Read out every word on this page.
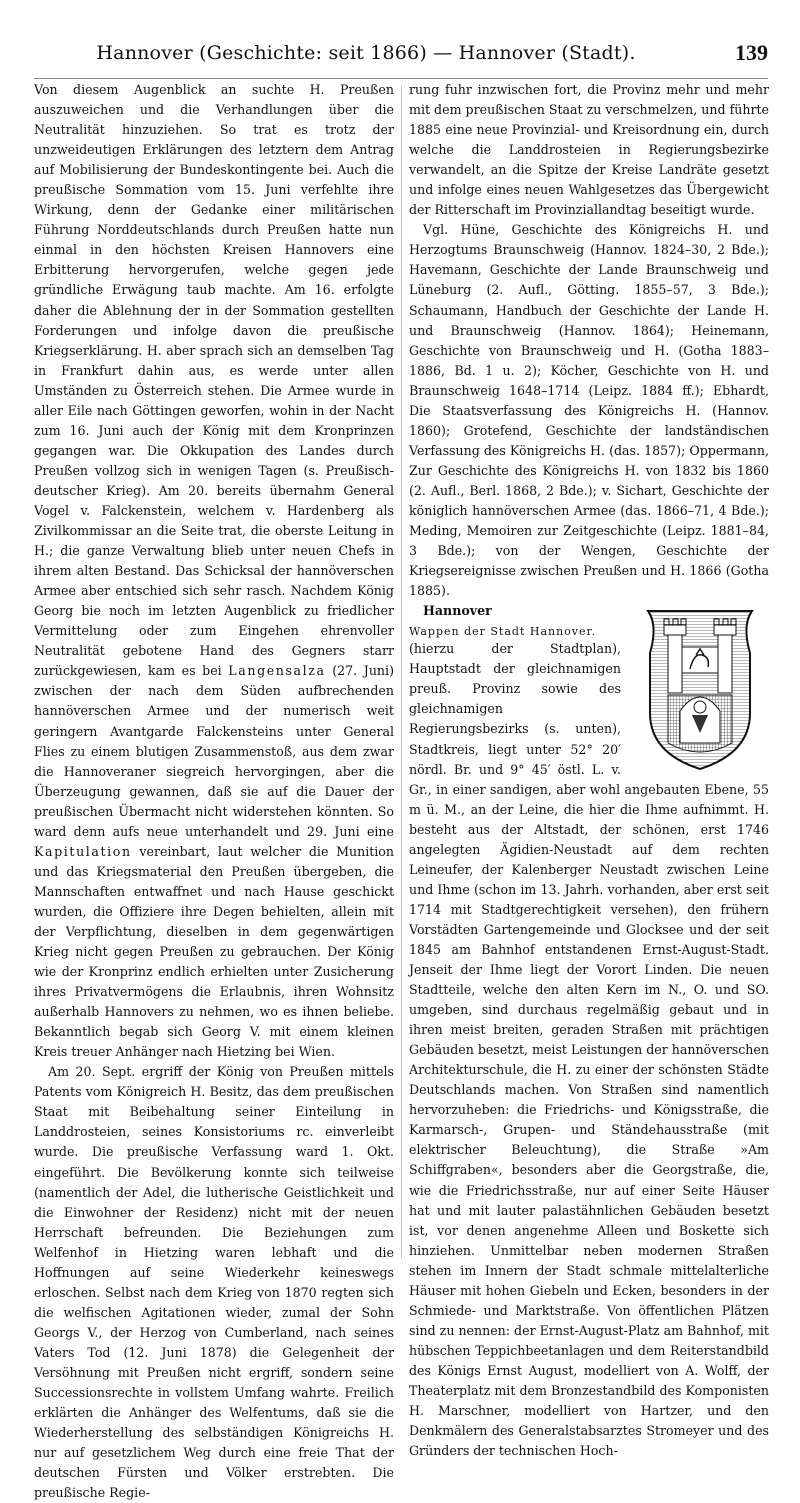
Hannover (Geschichte: seit 1866) — Hannover (Stadt).	139

Von diesem Augenblick an suchte H. Preußen auszuweichen und die Verhandlungen über die Neutralität hinzuziehen. So trat es trotz der unzweideutigen Erklärungen des letztern dem Antrag auf Mobilisierung der Bundeskontingente bei. Auch die preußische Sommation vom 15. Juni verfehlte ihre Wirkung, denn der Gedanke einer militärischen Führung Norddeutschlands durch Preußen hatte nun einmal in den höchsten Kreisen Hannovers eine Erbitterung hervorgerufen, welche gegen jede gründliche Erwägung taub machte. Am 16. erfolgte daher die Ablehnung der in der Sommation gestellten Forderungen und infolge davon die preußische Kriegserklärung. H. aber sprach sich an demselben Tag in Frankfurt dahin aus, es werde unter allen Umständen zu Österreich stehen. Die Armee wurde in aller Eile nach Göttingen geworfen, wohin in der Nacht zum 16. Juni auch der König mit dem Kronprinzen gegangen war. Die Okkupation des Landes durch Preußen vollzog sich in wenigen Tagen (s. Preußisch-deutscher Krieg). Am 20. bereits übernahm General Vogel v. Falckenstein, welchem v. Hardenberg als Zivilkommissar an die Seite trat, die oberste Leitung in H.; die ganze Verwaltung blieb unter neuen Chefs in ihrem alten Bestand. Das Schicksal der hannöverschen Armee aber entschied sich sehr rasch. Nachdem König Georg bie noch im letzten Augenblick zu friedlicher Vermittelung oder zum Eingehen ehrenvoller Neutralität gebotene Hand des Gegners starr zurückgewiesen, kam es bei Langensalza (27. Juni) zwischen der nach dem Süden aufbrechenden hannöverschen Armee und der numerisch weit geringern Avantgarde Falckensteins unter General Flies zu einem blutigen Zusammenstoß, aus dem zwar die Hannoveraner siegreich hervorgingen, aber die Überzeugung gewannen, daß sie auf die Dauer der preußischen Übermacht nicht widerstehen könnten. So ward denn aufs neue unterhandelt und 29. Juni eine Kapitulation vereinbart, laut welcher die Munition und das Kriegsmaterial den Preußen übergeben, die Mannschaften entwaffnet und nach Hause geschickt wurden, die Offiziere ihre Degen behielten, allein mit der Verpflichtung, dieselben in dem gegenwärtigen Krieg nicht gegen Preußen zu gebrauchen. Der König wie der Kronprinz endlich erhielten unter Zusicherung ihres Privatvermögens die Erlaubnis, ihren Wohnsitz außerhalb Hannovers zu nehmen, wo es ihnen beliebe. Bekanntlich begab sich Georg V. mit einem kleinen Kreis treuer Anhänger nach Hietzing bei Wien.

Am 20. Sept. ergriff der König von Preußen mittels Patents vom Königreich H. Besitz, das dem preußischen Staat mit Beibehaltung seiner Einteilung in Landdrosteien, seines Konsistoriums rc. einverleibt wurde. Die preußische Verfassung ward 1. Okt. eingeführt. Die Bevölkerung konnte sich teilweise (namentlich der Adel, die lutherische Geistlichkeit und die Einwohner der Residenz) nicht mit der neuen Herrschaft befreunden. Die Beziehungen zum Welfenhof in Hietzing waren lebhaft und die Hoffnungen auf seine Wiederkehr keineswegs erloschen. Selbst nach dem Krieg von 1870 regten sich die welfischen Agitationen wieder, zumal der Sohn Georgs V., der Herzog von Cumberland, nach seines Vaters Tod (12. Juni 1878) die Gelegenheit der Versöhnung mit Preußen nicht ergriff, sondern seine Successionsrechte in vollstem Umfang wahrte. Freilich erklärten die Anhänger des Welfentums, daß sie die Wiederherstellung des selbständigen Königreichs H. nur auf gesetzlichem Weg durch eine freie That der deutschen Fürsten und Völker erstrebten. Die preußische Regie-

rung fuhr inzwischen fort, die Provinz mehr und mehr mit dem preußischen Staat zu verschmelzen, und führte 1885 eine neue Provinzial- und Kreisordnung ein, durch welche die Landdrosteien in Regierungsbezirke verwandelt, an die Spitze der Kreise Landräte gesetzt und infolge eines neuen Wahlgesetzes das Übergewicht der Ritterschaft im Provinziallandtag beseitigt wurde.

Vgl. Hüne, Geschichte des Königreichs H. und Herzogtums Braunschweig (Hannov. 1824–30, 2 Bde.); Havemann, Geschichte der Lande Braunschweig und Lüneburg (2. Aufl., Götting. 1855–57, 3 Bde.); Schaumann, Handbuch der Geschichte der Lande H. und Braunschweig (Hannov. 1864); Heinemann, Geschichte von Braunschweig und H. (Gotha 1883–1886, Bd. 1 u. 2); Köcher, Geschichte von H. und Braunschweig 1648–1714 (Leipz. 1884 ff.); Ebhardt, Die Staatsverfassung des Königreichs H. (Hannov. 1860); Grotefend, Geschichte der landständischen Verfassung des Königreichs H. (das. 1857); Oppermann, Zur Geschichte des Königreichs H. von 1832 bis 1860 (2. Aufl., Berl. 1868, 2 Bde.); v. Sichart, Geschichte der königlich hannöverschen Armee (das. 1866–71, 4 Bde.); Meding, Memoiren zur Zeitgeschichte (Leipz. 1881–84, 3 Bde.); von der Wengen, Geschichte der Kriegsereignisse zwischen Preußen und H. 1866 (Gotha 1885).

Hannover

Wappen der Stadt Hannover.
(hierzu der Stadtplan), Hauptstadt der gleichnamigen preuß. Provinz sowie des gleichnamigen Regierungsbezirks (s. unten), Stadtkreis, liegt unter 52° 20′ nördl. Br. und 9° 45′ östl. L. v. Gr., in einer sandigen, aber wohl angebauten Ebene, 55 m ü. M., an der Leine, die hier die Ihme aufnimmt. H. besteht aus der Altstadt, der schönen, erst 1746 angelegten Ägidien-Neustadt auf dem rechten Leineufer, der Kalenberger Neustadt zwischen Leine und Ihme (schon im 13. Jahrh. vorhanden, aber erst seit 1714 mit Stadtgerechtigkeit versehen), den frühern Vorstädten Gartengemeinde und Glocksee und der seit 1845 am Bahnhof entstandenen Ernst-August-Stadt. Jenseit der Ihme liegt der Vorort Linden. Die neuen Stadtteile, welche den alten Kern im N., O. und SO. umgeben, sind durchaus regelmäßig gebaut und in ihren meist breiten, geraden Straßen mit prächtigen Gebäuden besetzt, meist Leistungen der hannöverschen Architekturschule, die H. zu einer der schönsten Städte Deutschlands machen. Von Straßen sind namentlich hervorzuheben: die Friedrichs- und Königsstraße, die Karmarsch-, Grupen- und Ständehausstraße (mit elektrischer Beleuchtung), die Straße »Am Schiffgraben«, besonders aber die Georgstraße, die, wie die Friedrichsstraße, nur auf einer Seite Häuser hat und mit lauter palastähnlichen Gebäuden besetzt ist, vor denen angenehme Alleen und Boskette sich hinziehen. Unmittelbar neben modernen Straßen stehen im Innern der Stadt schmale mittelalterliche Häuser mit hohen Giebeln und Ecken, besonders in der Schmiede- und Marktstraße. Von öffentlichen Plätzen sind zu nennen: der Ernst-August-Platz am Bahnhof, mit hübschen Teppichbeetanlagen und dem Reiterstandbild des Königs Ernst August, modelliert von A. Wolff, der Theaterplatz mit dem Bronzestandbild des Komponisten H. Marschner, modelliert von Hartzer, und den Denkmälern des Generalstabsarztes Stromeyer und des Gründers der technischen Hoch-
